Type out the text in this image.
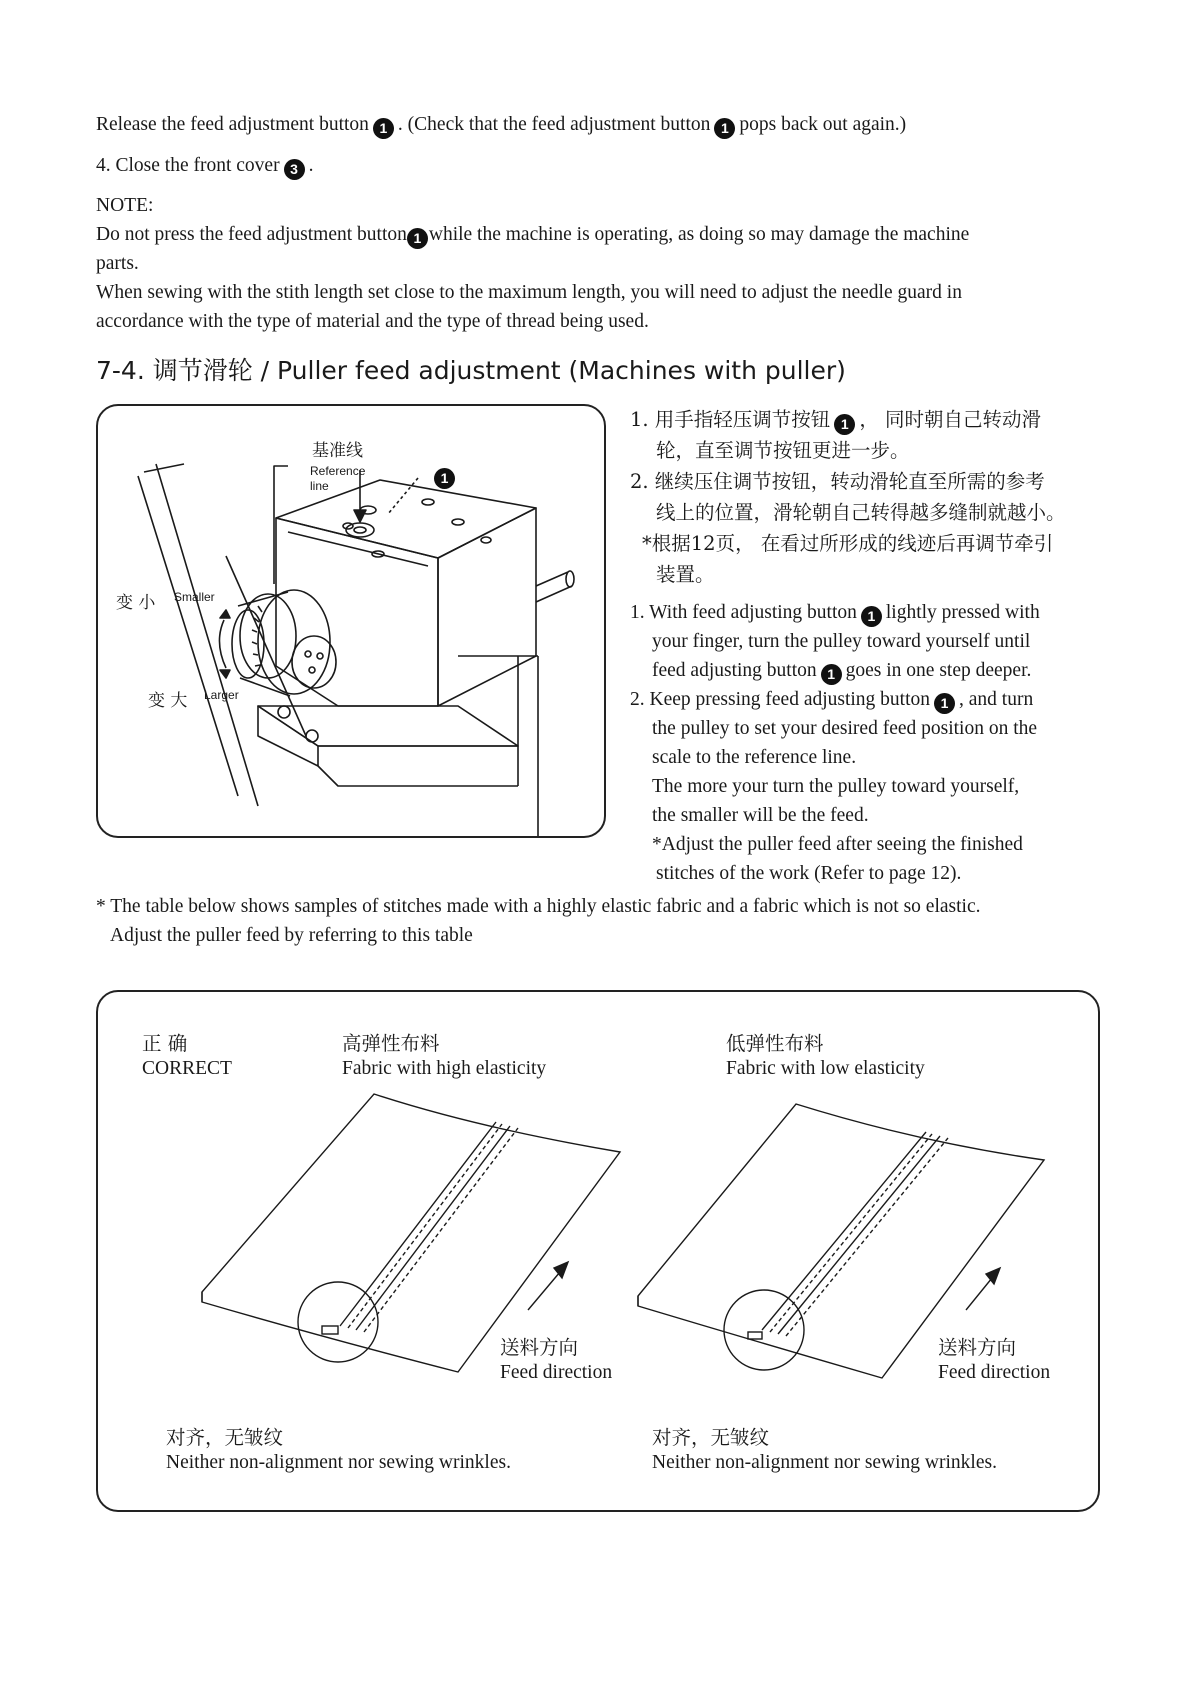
Release the feed adjustment button 1 . (Check that the feed adjustment button 1 pops back out again.)
4. Close the front cover 3 .
NOTE:
Do not press the feed adjustment button 1 while the machine is operating, as doing so may damage the machine
parts.
When sewing with the stith length set close to the maximum length, you will need to adjust the needle guard in
accordance with the type of material and the type of thread being used.
7-4. 调节滑轮 / Puller feed adjustment (Machines with puller)
基准线
Reference
line	1
变 小 Smaller
变 大 Larger
1. 用手指轻压调节按钮 1 ， 同时朝自己转动滑
轮，直至调节按钮更进一步。
2. 继续压住调节按钮，转动滑轮直至所需的参考
线上的位置，滑轮朝自己转得越多缝制就越小。
*根据12页， 在看过所形成的线迹后再调节牵引
装置。
1. With feed adjusting button 1 lightly pressed with
your finger, turn the pulley toward yourself until
feed adjusting button 1 goes in one step deeper.
2. Keep pressing feed adjusting button 1 , and turn
the pulley to set your desired feed position on the
scale to the reference line.
The more your turn the pulley toward yourself,
the smaller will be the feed.
*Adjust the puller feed after seeing the finished
stitches of the work (Refer to page 12).
* The table below shows samples of stitches made with a highly elastic fabric and a fabric which is not so elastic.
Adjust the puller feed by referring to this table
正 确
CORRECT
高弹性布料
Fabric with high elasticity
低弹性布料
Fabric with low elasticity
送料方向
Feed direction
送料方向
Feed direction
对齐，无皱纹
Neither non-alignment nor sewing wrinkles.
对齐，无皱纹
Neither non-alignment nor sewing wrinkles.
